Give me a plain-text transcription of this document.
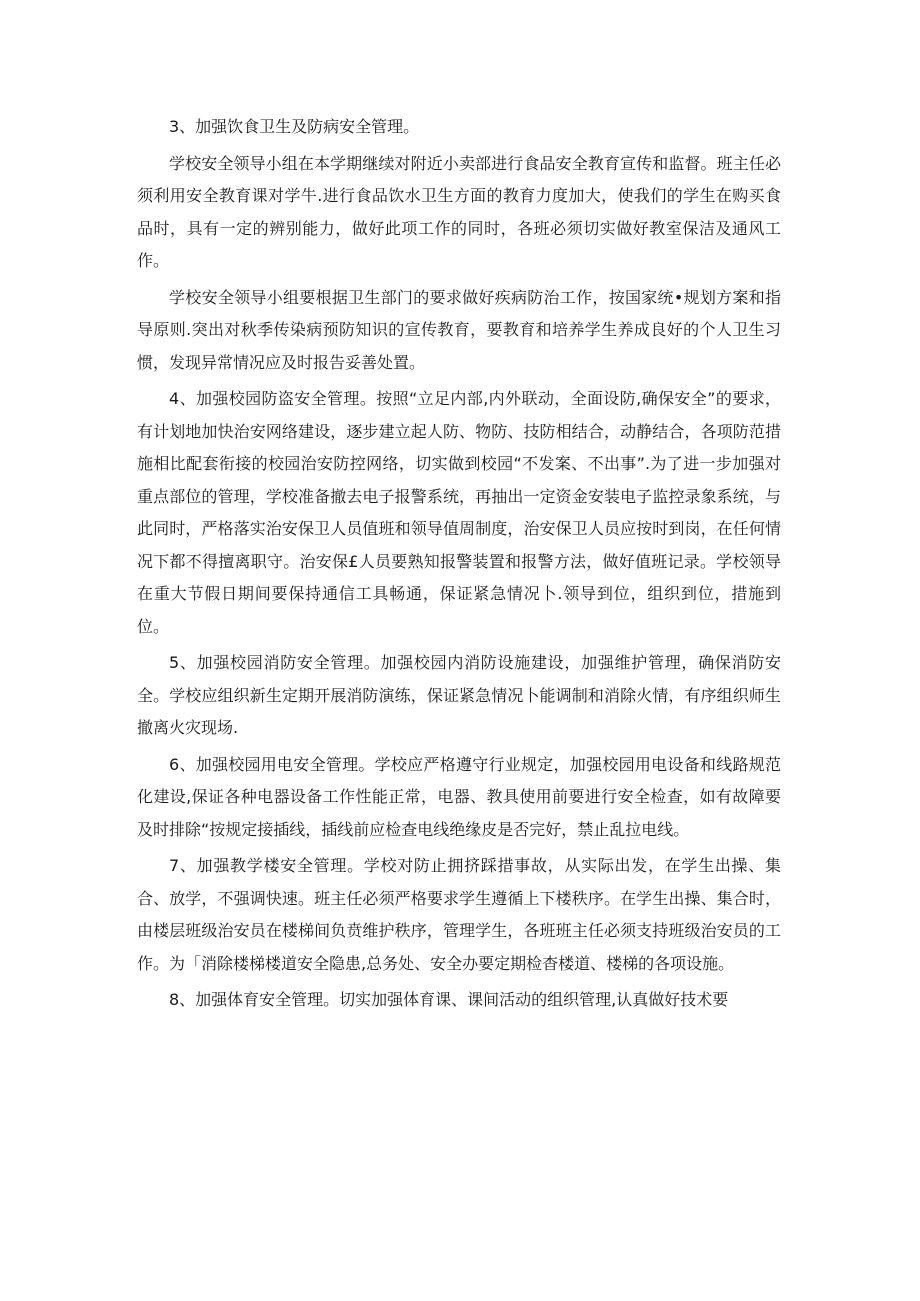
3、加强饮食卫生及防病安全管理。

学校安全领导小组在本学期继续对附近小卖部进行食品安全教育宣传和监督。班主任必须利用安全教育课对学牛.进行食品饮水卫生方面的教育力度加大，使我们的学生在购买食品时，具有一定的辨别能力，做好此项工作的同时，各班必须切实做好教室保洁及通风工作。

学校安全领导小组要根据卫生部门的要求做好疾病防治工作，按国家统•规划方案和指导原则.突出对秋季传染病预防知识的宣传教育，要教育和培养学生养成良好的个人卫生习惯，发现异常情况应及时报告妥善处置。

4、加强校园防盗安全管理。按照“立足内部,内外联动，全面设防,确保安全”的要求，有计划地加快治安网络建设，逐步建立起人防、物防、技防相结合，动静结合，各项防范措施相比配套衔接的校园治安防控网络，切实做到校园“不发案、不出事”.为了进一步加强对重点部位的管理，学校准备撤去电子报警系统，再抽出一定资金安装电子监控录象系统，与此同时，严格落实治安保卫人员值班和领导值周制度，治安保卫人员应按时到岗，在任何情况下都不得擅离职守。治安保£人员要熟知报警装置和报警方法，做好值班记录。学校领导在重大节假日期间要保持通信工具畅通，保证紧急情况卜.领导到位，组织到位，措施到位。

5、加强校园消防安全管理。加强校园内消防设施建设，加强维护管理，确保消防安全。学校应组织新生定期开展消防演练，保证紧急情况卜能调制和消除火情，有序组织师生撤离火灾现场.

6、加强校园用电安全管理。学校应严格遵守行业规定，加强校园用电设备和线路规范化建设,保证各种电器设备工作性能正常，电器、教具使用前要进行安全检查，如有故障要及时排除“按规定接插线，插线前应检查电线绝缘皮是否完好，禁止乱拉电线。

7、加强教学楼安全管理。学校对防止拥挤踩措事故，从实际出发，在学生出操、集合、放学，不强调快速。班主任必须严格要求学生遵循上下楼秩序。在学生出操、集合时，由楼层班级治安员在楼梯间负贲维护秩序，管理学生，各班班主任必须支持班级治安员的工作。为「消除楼梯楼道安全隐患,总务处、安全办要定期检杳楼道、楼梯的各项设施。

8、加强体育安全管理。切实加强体育课、课间活动的组织管理,认真做好技术要
